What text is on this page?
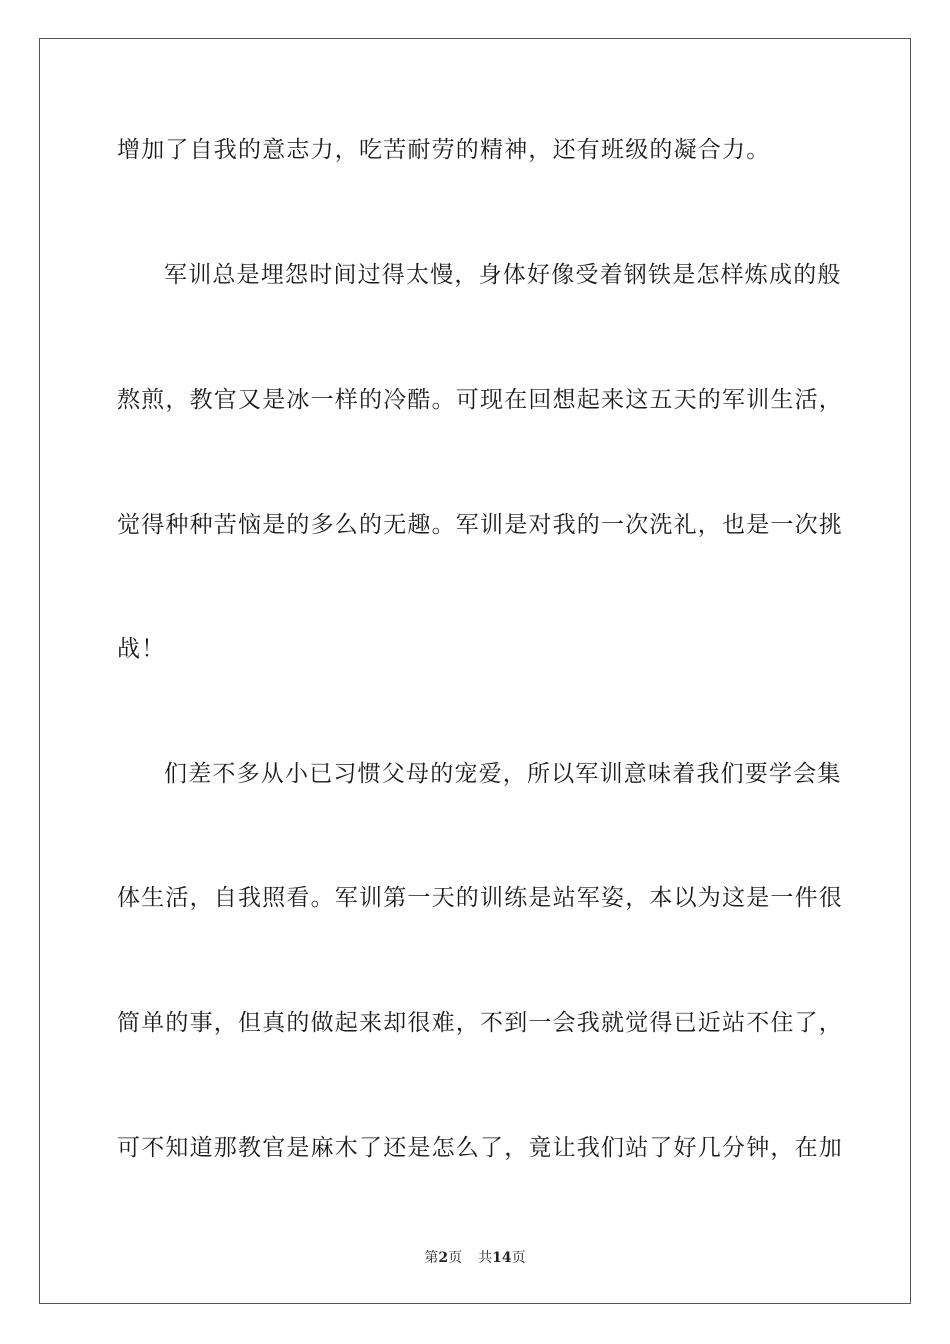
增加了自我的意志力，吃苦耐劳的精神，还有班级的凝合力。
军训总是埋怨时间过得太慢，身体好像受着钢铁是怎样炼成的般
熬煎，教官又是冰一样的冷酷。可现在回想起来这五天的军训生活，
觉得种种苦恼是的多么的无趣。军训是对我的一次洗礼，也是一次挑
战！
们差不多从小已习惯父母的宠爱，所以军训意味着我们要学会集
体生活，自我照看。军训第一天的训练是站军姿，本以为这是一件很
简单的事，但真的做起来却很难，不到一会我就觉得已近站不住了，
可不知道那教官是麻木了还是怎么了，竟让我们站了好几分钟，在加
第2页 共14页
